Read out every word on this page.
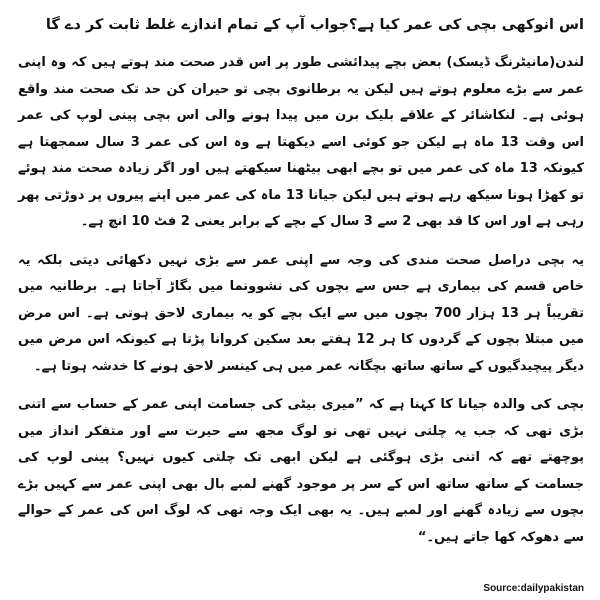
اس انوکھی بچی کی عمر کیا ہے؟جواب آپ کے تمام اندازے غلط ثابت کر دے گا

لندن(مانیٹرنگ ڈیسک) بعض بچے پیدائشی طور پر اس قدر صحت مند ہوتے ہیں کہ وہ اپنی عمر سے بڑے معلوم ہوتے ہیں لیکن یہ برطانوی بچی تو حیران کن حد تک صحت مند واقع ہوئی ہے۔ لنکاشائر کے علاقے بلیک برن میں پیدا ہونے والی اس بچی پینی لوپ کی عمر اس وقت 13 ماہ ہے لیکن جو کوئی اسے دیکھتا ہے وہ اس کی عمر 3 سال سمجھتا ہے کیونکہ 13 ماہ کی عمر میں تو بچے ابھی بیٹھنا سیکھتے ہیں اور اگر زیادہ صحت مند ہوئے تو کھڑا ہونا سیکھ رہے ہوتے ہیں لیکن جیانا 13 ماہ کی عمر میں اپنے پیروں پر دوڑتی پھر رہی ہے اور اس کا قد بھی 2 سے 3 سال کے بچے کے برابر یعنی 2 فٹ 10 انچ ہے۔

یہ بچی دراصل صحت مندی کی وجہ سے اپنی عمر سے بڑی نہیں دکھائی دیتی بلکہ یہ خاص قسم کی بیماری ہے جس سے بچوں کی نشوونما میں بگاڑ آجاتا ہے۔ برطانیہ میں تقریباً ہر 13 ہزار 700 بچوں میں سے ایک بچے کو یہ بیماری لاحق ہوتی ہے۔ اس مرض میں مبتلا بچوں کے گردوں کا ہر 12 ہفتے بعد سکین کروانا پڑتا ہے کیونکہ اس مرض میں دیگر پیچیدگیوں کے ساتھ ساتھ بچگانہ عمر میں ہی کینسر لاحق ہونے کا خدشہ ہوتا ہے۔

بچی کی والدہ جیانا کا کہنا ہے کہ ”میری بیٹی کی جسامت اپنی عمر کے حساب سے اتنی بڑی تھی کہ جب یہ چلتی نہیں تھی تو لوگ مجھ سے حیرت سے اور متفکر انداز میں پوچھتے تھے کہ اتنی بڑی ہوگئی ہے لیکن ابھی تک چلتی کیوں نہیں؟ پینی لوپ کی جسامت کے ساتھ ساتھ اس کے سر پر موجود گھنے لمبے بال بھی اپنی عمر سے کہیں بڑے بچوں سے زیادہ گھنے اور لمبے ہیں۔ یہ بھی ایک وجہ تھی کہ لوگ اس کی عمر کے حوالے سے دھوکہ کھا جاتے ہیں۔“

Source:dailypakistan
